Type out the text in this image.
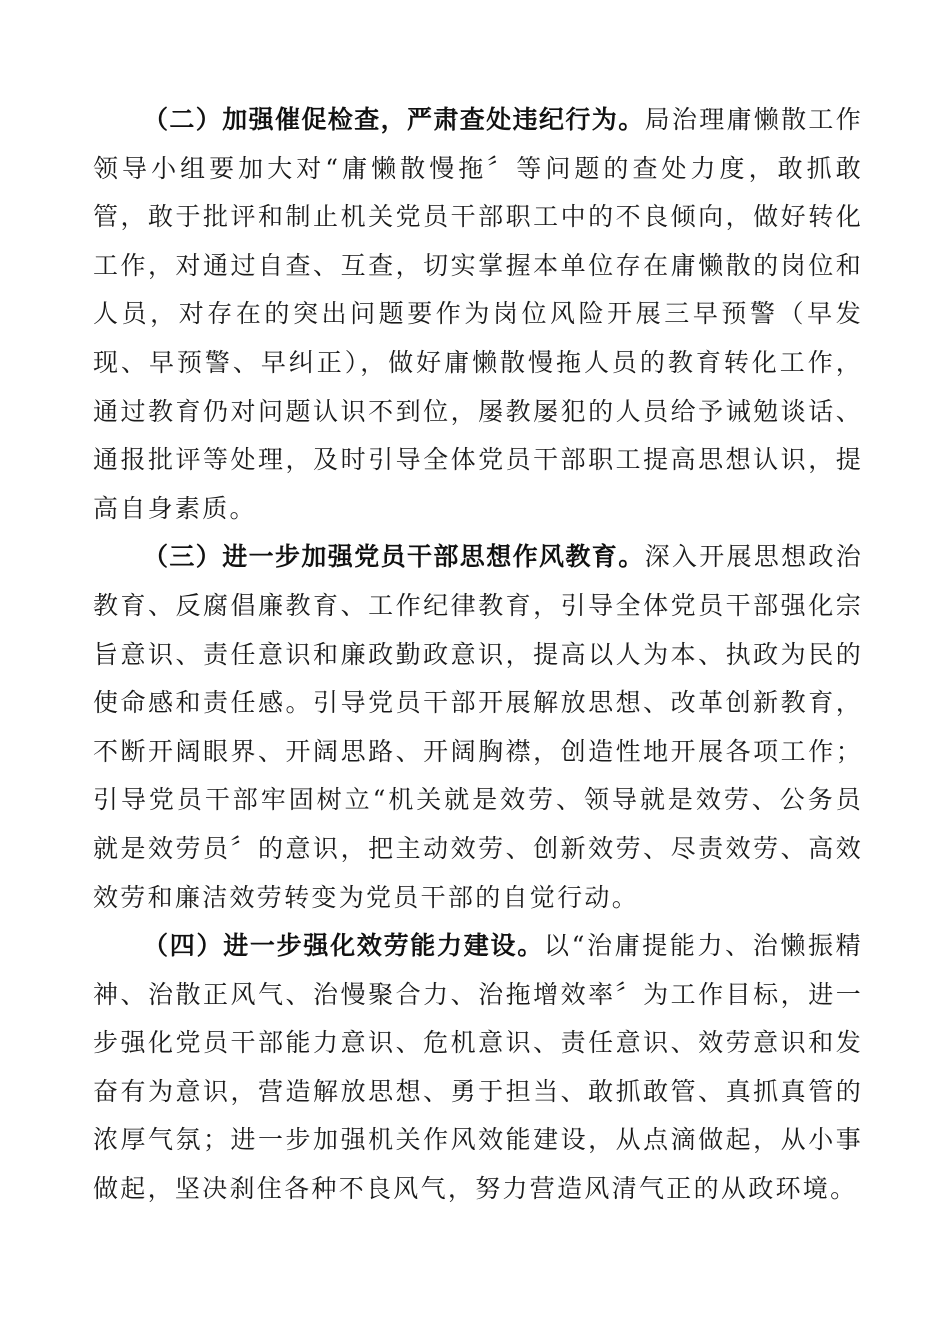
（二）加强催促检查，严肃查处违纪行为。局治理庸懒散工作领导小组要加大对“庸懒散慢拖〞等问题的查处力度，敢抓敢管，敢于批评和制止机关党员干部职工中的不良倾向，做好转化工作，对通过自查、互查，切实掌握本单位存在庸懒散的岗位和人员，对存在的突出问题要作为岗位风险开展三早预警（早发现、早预警、早纠正），做好庸懒散慢拖人员的教育转化工作，通过教育仍对问题认识不到位，屡教屡犯的人员给予诫勉谈话、通报批评等处理，及时引导全体党员干部职工提高思想认识，提高自身素质。

（三）进一步加强党员干部思想作风教育。深入开展思想政治教育、反腐倡廉教育、工作纪律教育，引导全体党员干部强化宗旨意识、责任意识和廉政勤政意识，提高以人为本、执政为民的使命感和责任感。引导党员干部开展解放思想、改革创新教育，不断开阔眼界、开阔思路、开阔胸襟，创造性地开展各项工作；引导党员干部牢固树立“机关就是效劳、领导就是效劳、公务员就是效劳员〞的意识，把主动效劳、创新效劳、尽责效劳、高效效劳和廉洁效劳转变为党员干部的自觉行动。

（四）进一步强化效劳能力建设。以“治庸提能力、治懒振精神、治散正风气、治慢聚合力、治拖增效率〞为工作目标，进一步强化党员干部能力意识、危机意识、责任意识、效劳意识和发奋有为意识，营造解放思想、勇于担当、敢抓敢管、真抓真管的浓厚气氛；进一步加强机关作风效能建设，从点滴做起，从小事做起，坚决刹住各种不良风气，努力营造风清气正的从政环境。
